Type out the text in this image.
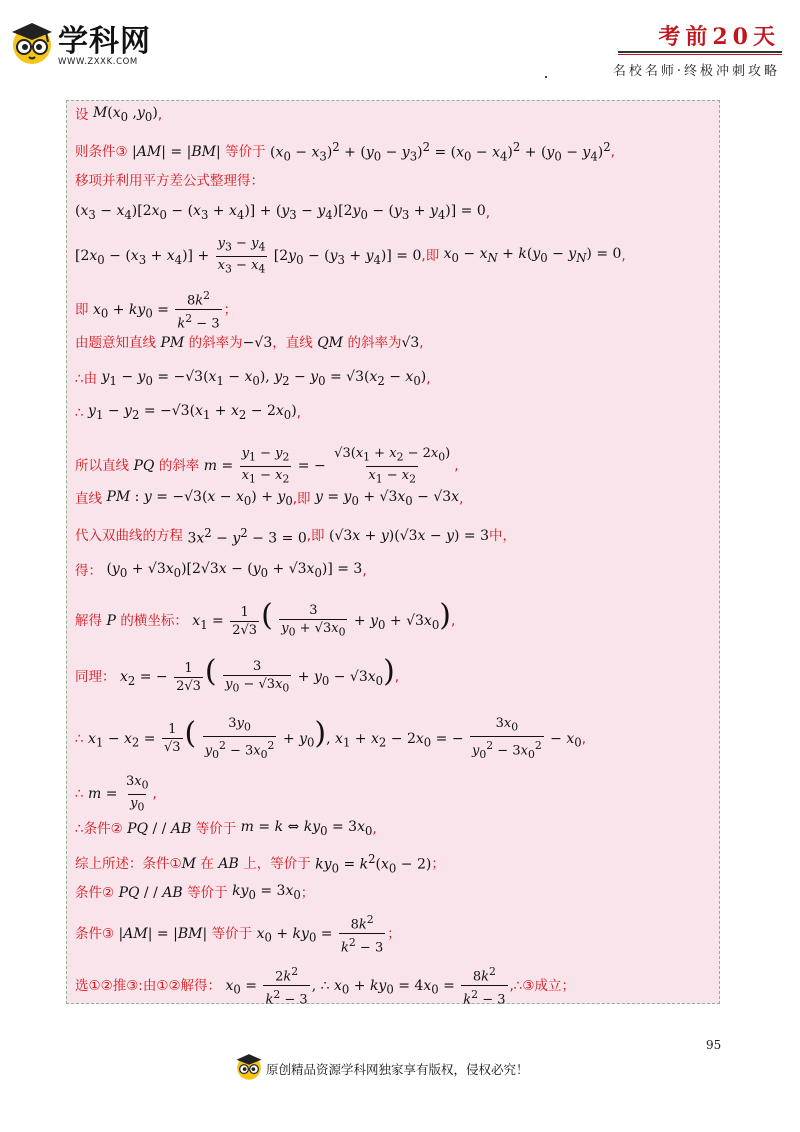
学科网
WWW.ZXXK.COM
考前20天
名校名师·终极冲刺攻略
设 $M(x_0$ $,y_0$) ,
则条件③ |AM| = |BM| 等价于 $(x_0 - x_3)^2 + (y_0 - y_3)^2 = (x_0 - x_4)^2 + (y_0 - y_4)^2$ ,
移项并利用平方差公式整理得：
$(x_3 - x_4)[2x_0 - (x_3 + x_4)] + (y_3 - y_4)[2y_0 - (y_3 + y_4)] = 0$ ,
$[2x_0 - (x_3 + x_4)] + \frac{y_3 - y_4}{x_3 - x_4} [2y_0 - (y_3 + y_4)] = 0$ , 即 $x_0 - x_N + k(y_0 - y_N) = 0$ ,
即 $x_0 + ky_0 = \frac{8k^2}{k^2 - 3}$ ；
由题意知直线 PM 的斜率为 −√3 ，直线 QM 的斜率为 √3 ,
∴由 $y_1 - y_0 = -√3(x_1 - x_0)$, $y_2 - y_0 = √3(x_2 - x_0)$ ,
∴ $y_1 - y_2 = -√3(x_1 + x_2 - 2x_0)$ ,
所以直线 PQ 的斜率 $m = \frac{y_1 - y_2}{x_1 - x_2}$ = − $\frac{√3(x_1 + x_2 - 2x_0)}{x_1 - x_2}$ ,
直线 PM : $y = -√3(x - x_0) + y_0$ , 即 $y = y_0 + √3x_0 - √3x$ ,
代入双曲线的方程 $3x^2 - y^2 - 3 = 0$ , 即 (√3x + y)(√3x − y) = 3 中，
得： $(y_0 + √3x_0)[2√3x - (y_0 + √3x_0)] = 3$ ,
解得 P 的横坐标： $x_1 = \frac{1}{2√3}$ ( $\frac{3}{y_0 + √3x_0} + y_0 + √3x_0$) ,
同理： $x_2$ = − $\frac{1}{2√3}$ ( $\frac{3}{y_0 - √3x_0} + y_0 - √3x_0$) ,
∴ $x_1 - x_2 = \frac{1}{√3}$ ( $\frac{3y_0}{y_0^2 - 3x_0^2} + y_0$), $x_1 + x_2 - 2x_0$ = − $\frac{3x_0}{y_0^2 - 3x_0^2} - x_0$ ,
∴ $m = \frac{3x_0}{y_0}$ ,
∴条件② PQ / / AB 等价于 m = k ⇔ $ky_0 = 3x_0$ ,
综上所述：条件① M 在 AB 上，等价于 $ky_0 = k^2(x_0 - 2)$ ；
条件② PQ / / AB 等价于 $ky_0 = 3x_0$ ；
条件③ |AM| = |BM| 等价于 $x_0 + ky_0 = \frac{8k^2}{k^2 - 3}$ ；
选①②推③:由①②解得： $x_0 = \frac{2k^2}{k^2 - 3}$ , ∴ $x_0 + ky_0 = 4x_0 = \frac{8k^2}{k^2 - 3}$ , ∴③成立；
95
原创精品资源学科网独家享有版权，侵权必究！
